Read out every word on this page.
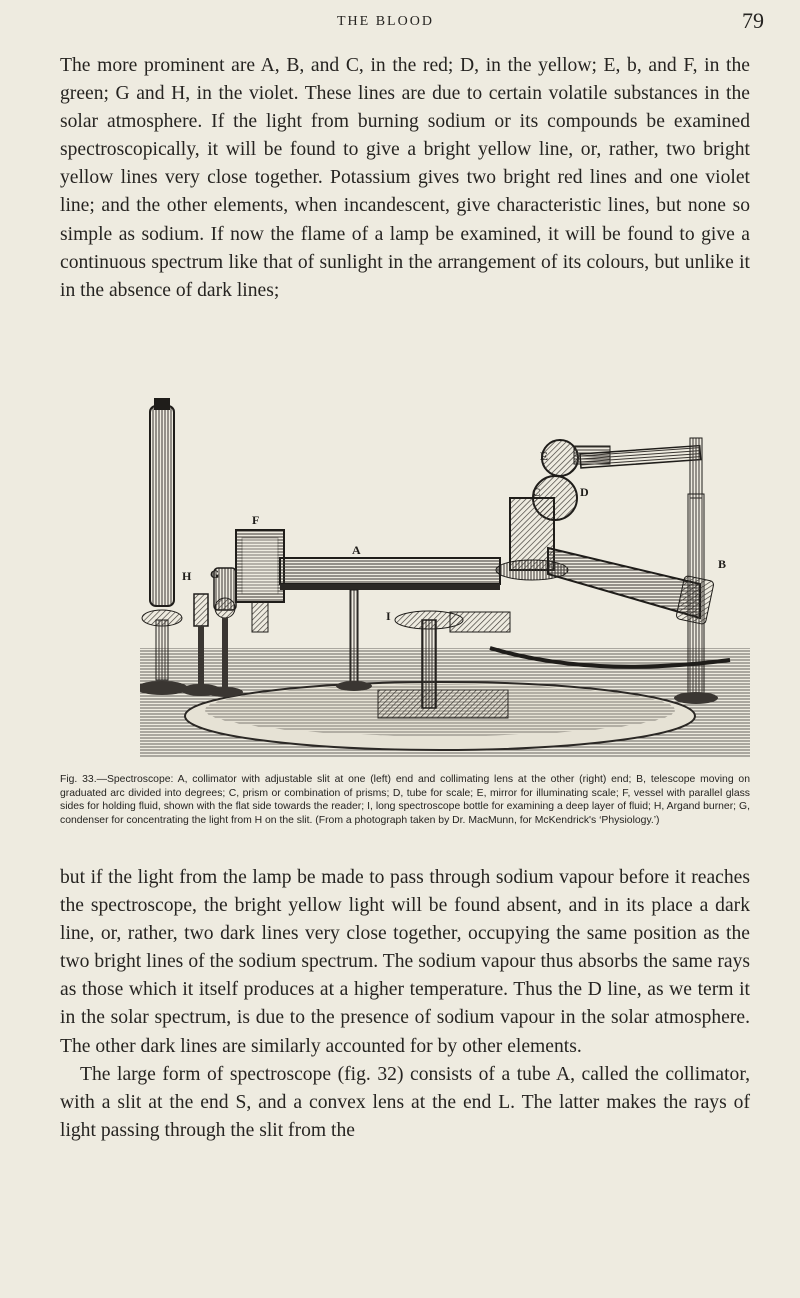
THE BLOOD	79

The more prominent are A, B, and C, in the red; D, in the yellow; E, b, and F, in the green; G and H, in the violet. These lines are due to certain volatile substances in the solar atmosphere. If the light from burning sodium or its compounds be examined spectroscopically, it will be found to give a bright yellow line, or, rather, two bright yellow lines very close together. Potassium gives two bright red lines and one violet line; and the other elements, when incandescent, give characteristic lines, but none so simple as sodium. If now the flame of a lamp be examined, it will be found to give a continuous spectrum like that of sunlight in the arrangement of its colours, but unlike it in the absence of dark lines;

H G
F
A
I
E
C	D
B

Fig. 33.—Spectroscope: A, collimator with adjustable slit at one (left) end and collimating lens at the other (right) end; B, telescope moving on graduated arc divided into degrees; C, prism or combination of prisms; D, tube for scale; E, mirror for illuminating scale; F, vessel with parallel glass sides for holding fluid, shown with the flat side towards the reader; I, long spectroscope bottle for examining a deep layer of fluid; H, Argand burner; G, condenser for concentrating the light from H on the slit. (From a photograph taken by Dr. MacMunn, for McKendrick's ‘Physiology.’)

but if the light from the lamp be made to pass through sodium vapour before it reaches the spectroscope, the bright yellow light will be found absent, and in its place a dark line, or, rather, two dark lines very close together, occupying the same position as the two bright lines of the sodium spectrum. The sodium vapour thus absorbs the same rays as those which it itself produces at a higher temperature. Thus the D line, as we term it in the solar spectrum, is due to the presence of sodium vapour in the solar atmosphere. The other dark lines are similarly accounted for by other elements.
The large form of spectroscope (fig. 32) consists of a tube A, called the collimator, with a slit at the end S, and a convex lens at the end L. The latter makes the rays of light passing through the slit from the
